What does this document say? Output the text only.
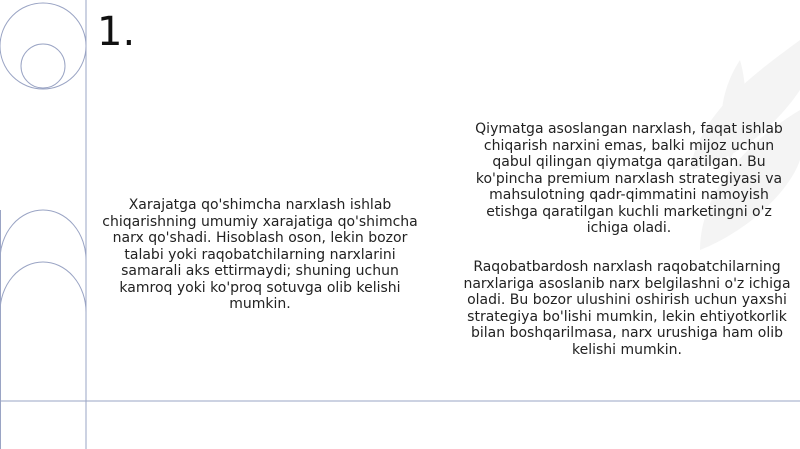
1.
Xarajatga qo'shimcha narxlash ishlab chiqarishning umumiy xarajatiga qo'shimcha narx qo'shadi. Hisoblash oson, lekin bozor talabi yoki raqobatchilarning narxlarini samarali aks ettirmaydi; shuning uchun kamroq yoki ko'proq sotuvga olib kelishi mumkin.
Qiymatga asoslangan narxlash, faqat ishlab chiqarish narxini emas, balki mijoz uchun qabul qilingan qiymatga qaratilgan. Bu ko'pincha premium narxlash strategiyasi va mahsulotning qadr-qimmatini namoyish etishga qaratilgan kuchli marketingni o'z ichiga oladi.
Raqobatbardosh narxlash raqobatchilarning narxlariga asoslanib narx belgilashni o'z ichiga oladi. Bu bozor ulushini oshirish uchun yaxshi strategiya bo'lishi mumkin, lekin ehtiyotkorlik bilan boshqarilmasa, narx urushiga ham olib kelishi mumkin.
